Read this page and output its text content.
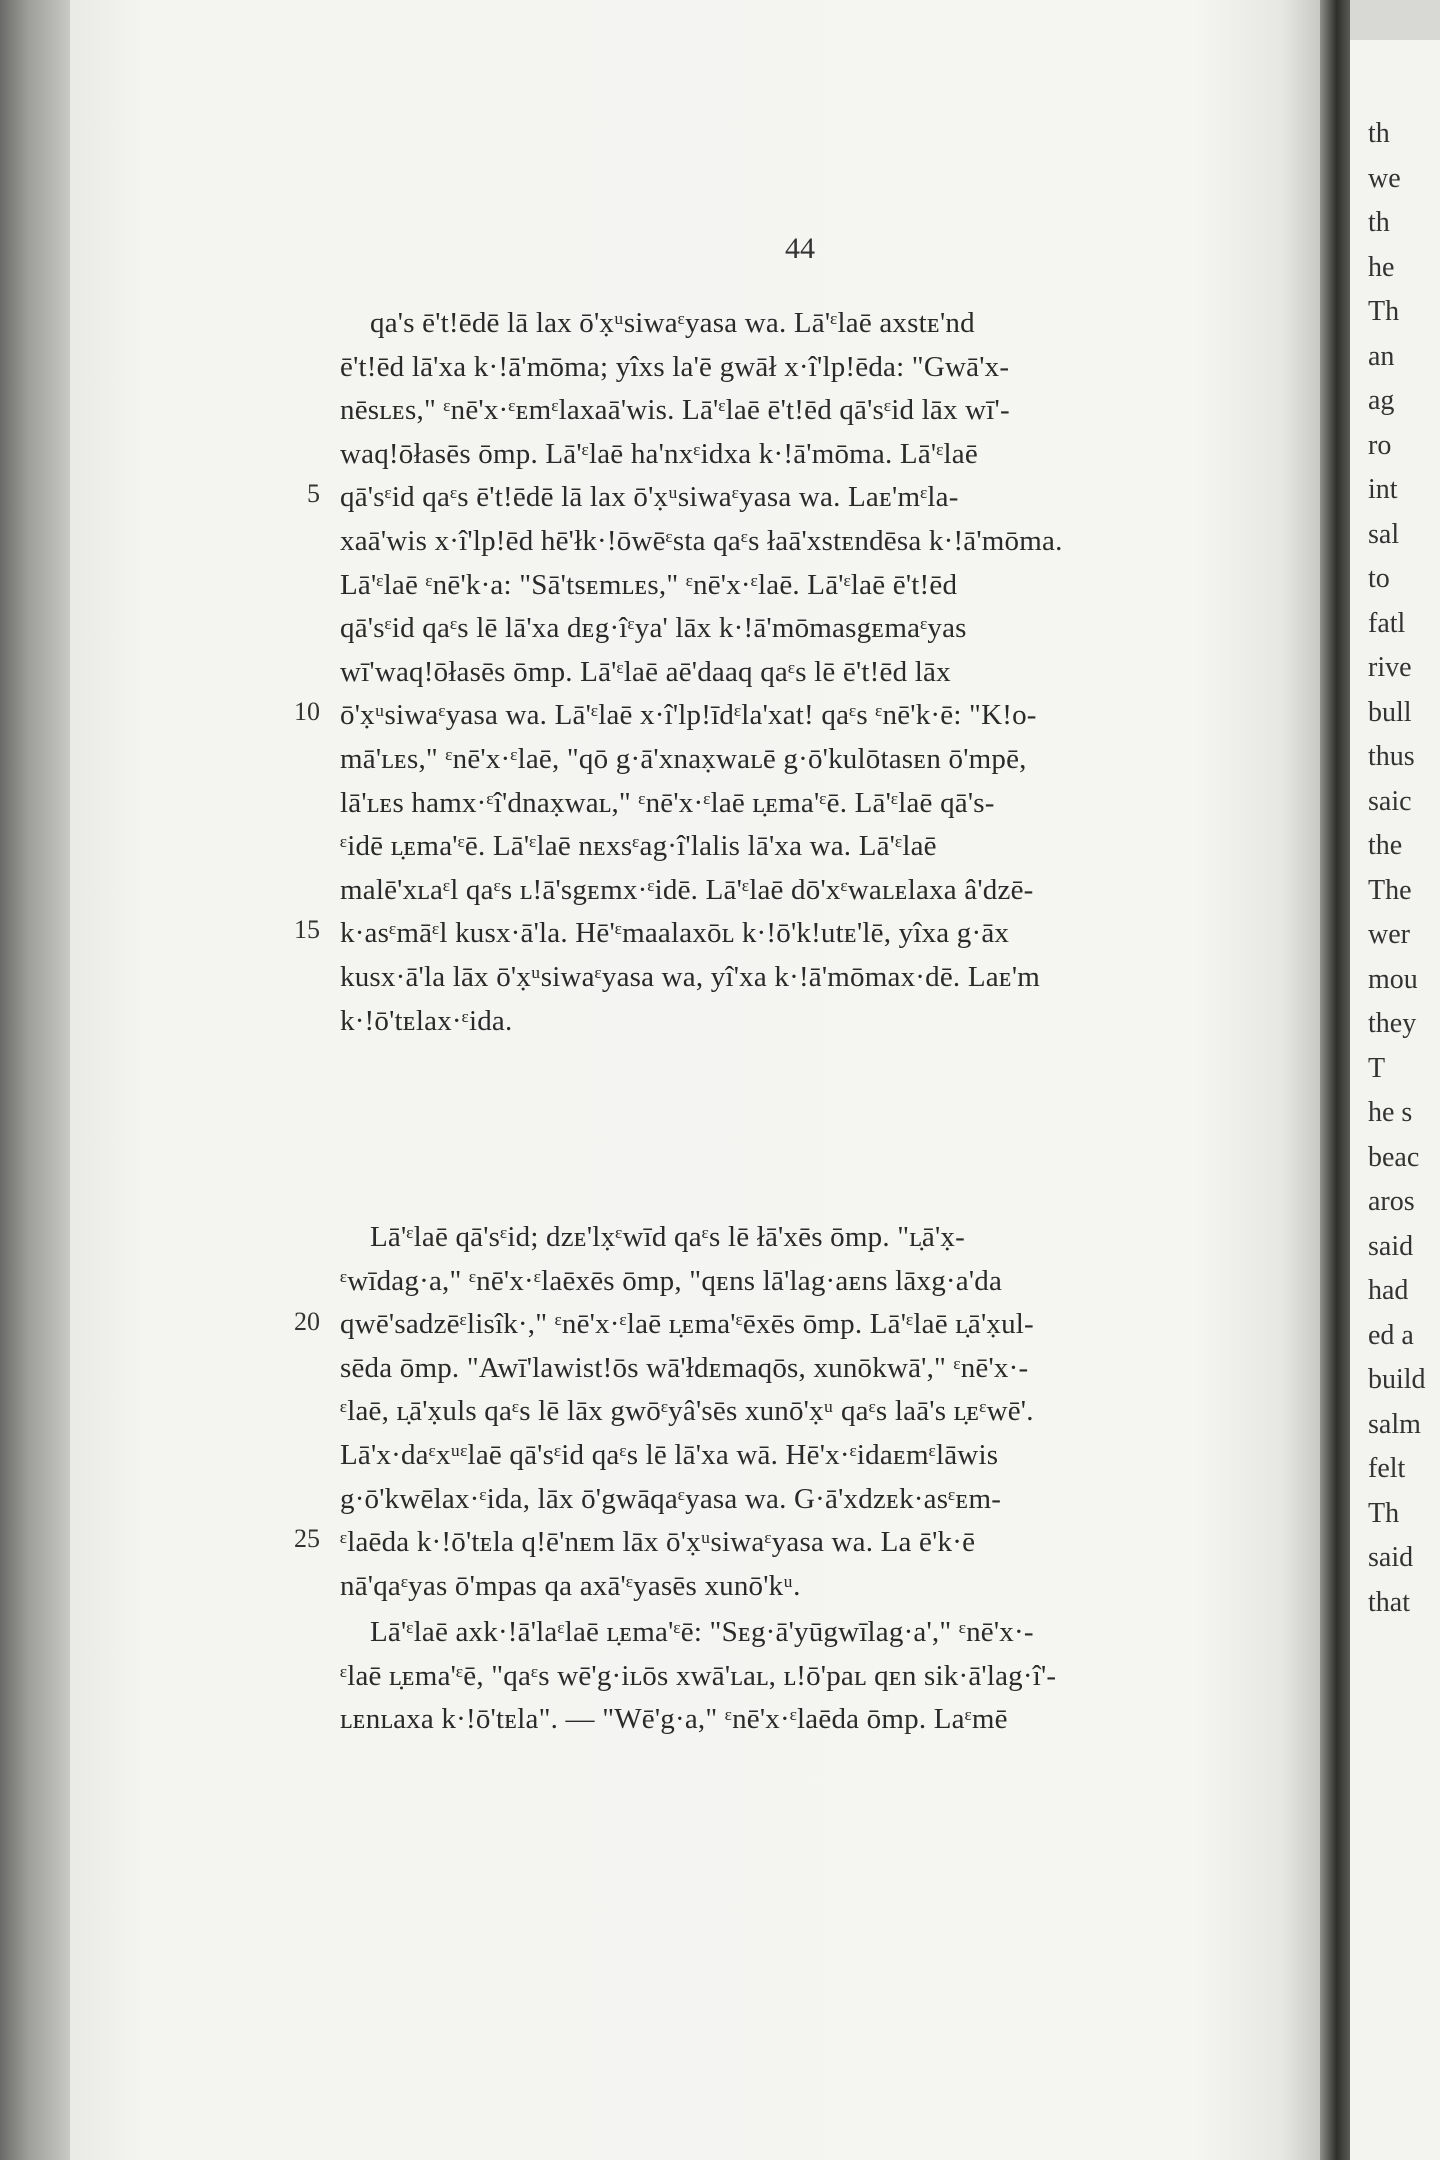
th
we
th
he
Th
an
ag
ro
int
sal
to
fatl
rive
bull
thus
saic
the
The
wer
mou
they
T
he s
beac
aros
said
had
ed a
build
salm
felt
Th
said
that
44
qa's ē't!ēdē lā lax ō'x̣ᵘsiwaᵋyasa wa. Lā'ᵋlaē axstᴇ'nd
ē't!ēd lā'xa k·!ā'mōma; yîxs la'ē gwāł x·î'lp!ēda: "Gwā'x-
nēsʟᴇs," ᵋnē'x·ᵋᴇmᵋlaxaā'wis. Lā'ᵋlaē ē't!ēd qā'sᵋid lāx wī'-
waq!ōłasēs ōmp. Lā'ᵋlaē ha'nxᵋidxa k·!ā'mōma. Lā'ᵋlaē
qā'sᵋid qaᵋs ē't!ēdē lā lax ō'x̣ᵘsiwaᵋyasa wa. Laᴇ'mᵋla-
xaā'wis x·î'lp!ēd hē'łk·!ōwēᵋsta qaᵋs łaā'xstᴇndēsa k·!ā'mōma.
Lā'ᵋlaē ᵋnē'k·a: "Sā'tsᴇmʟᴇs," ᵋnē'x·ᵋlaē. Lā'ᵋlaē ē't!ēd
qā'sᵋid qaᵋs lē lā'xa dᴇg·îᵋya' lāx k·!ā'mōmasgᴇmaᵋyas
wī'waq!ōłasēs ōmp. Lā'ᵋlaē aē'daaq qaᵋs lē ē't!ēd lāx
ō'x̣ᵘsiwaᵋyasa wa. Lā'ᵋlaē x·î'lp!īdᵋla'xat! qaᵋs ᵋnē'k·ē: "K!o-
mā'ʟᴇs," ᵋnē'x·ᵋlaē, "qō g·ā'xnax̣waʟē g·ō'kulōtasᴇn ō'mpē,
lā'ʟᴇs hamx·ᵋî'dnax̣waʟ," ᵋnē'x·ᵋlaē ʟ̣ᴇma'ᵋē. Lā'ᵋlaē qā's-
ᵋidē ʟ̣ᴇma'ᵋē. Lā'ᵋlaē nᴇxsᵋag·î'lalis lā'xa wa. Lā'ᵋlaē
malē'xʟaᵋl qaᵋs ʟ!ā'sgᴇmx·ᵋidē. Lā'ᵋlaē dō'xᵋwaʟᴇlaxa â'dzē-
k·asᵋmāᵋl kusx·ā'la. Hē'ᵋmaalaxōʟ k·!ō'k!utᴇ'lē, yîxa g·āx
kusx·ā'la lāx ō'x̣ᵘsiwaᵋyasa wa, yî'xa k·!ā'mōmax·dē. Laᴇ'm
k·!ō'tᴇlax·ᵋida.
Lā'ᵋlaē qā'sᵋid; dzᴇ'lx̣ᵋwīd qaᵋs lē łā'xēs ōmp. "ʟ̣ā'x̣-
ᵋwīdag·a," ᵋnē'x·ᵋlaēxēs ōmp, "qᴇns lā'lag·aᴇns lāxg·a'da
qwē'sadzēᵋlisîk·," ᵋnē'x·ᵋlaē ʟ̣ᴇma'ᵋēxēs ōmp. Lā'ᵋlaē ʟ̣ā'x̣ul-
sēda ōmp. "Awī'lawist!ōs wā'łdᴇmaqōs, xunōkwā'," ᵋnē'x·-
ᵋlaē, ʟ̣ā'x̣uls qaᵋs lē lāx gwōᵋyâ'sēs xunō'x̣ᵘ qaᵋs laā's ʟ̣ᴇᵋwē'.
Lā'x·daᵋxᵘᵋlaē qā'sᵋid qaᵋs lē lā'xa wā. Hē'x·ᵋidaᴇmᵋlāwis
g·ō'kwēlax·ᵋida, lāx ō'gwāqaᵋyasa wa. G·ā'xdzᴇk·asᵋᴇm-
ᵋlaēda k·!ō'tᴇla q!ē'nᴇm lāx ō'x̣ᵘsiwaᵋyasa wa. La ē'k·ē
nā'qaᵋyas ō'mpas qa axā'ᵋyasēs xunō'kᵘ.
Lā'ᵋlaē axk·!ā'laᵋlaē ʟ̣ᴇma'ᵋē: "Sᴇg·ā'yūgwīlag·a'," ᵋnē'x·-
ᵋlaē ʟ̣ᴇma'ᵋē, "qaᵋs wē'g·iʟōs xwā'ʟaʟ, ʟ!ō'paʟ qᴇn sik·ā'lag·î'-
ʟᴇnʟaxa k·!ō'tᴇla". — "Wē'g·a," ᵋnē'x·ᵋlaēda ōmp. Laᵋmē
5
10
15
20
25
